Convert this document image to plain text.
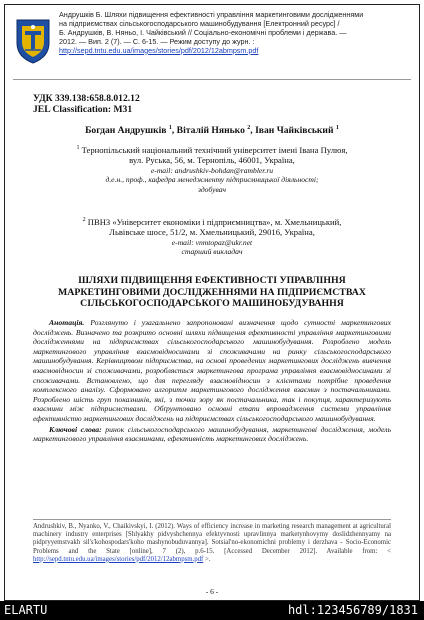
Андрушків Б. Шляхи підвищення ефективності управління маркетинговими дослідженнями
на підприємствах сільськогосподарського машинобудування [Електронний ресурс] /
Б. Андрушків, В. Няньо, І. Чайківський // Соціально-економічні проблеми і держава. —
2012. — Вип. 2 (7). — С. 6-15. — Режим доступу до журн. :
http://sepd.tntu.edu.ua/images/stories/pdf/2012/12abmpsm.pdf
УДК 339.138:658.8.012.12
JEL Classification: M31
Богдан Андрушків $^1$, Віталій Нянько $^2$, Іван Чайківський $^1$
$^1$ Тернопільський національний технічний університет імені Івана Пулюя,
вул. Руська, 56, м. Тернопіль, 46001, Україна,
e-mail: andrushkiv-bohdan@rambler.ru
д.е.н., проф., кафедра менеджменту підприємницької діяльності;
здобувач
$^2$ ПВНЗ «Університет економіки і підприємництва», м. Хмельницький,
Львівське шосе, 51/2, м. Хмельницький, 29016, Україна,
e-mail: vnmtopaz@ukr.net
старший викладач
ШЛЯХИ ПІДВИЩЕННЯ ЕФЕКТИВНОСТІ УПРАВЛІННЯ МАРКЕТИНГОВИМИ ДОСЛІДЖЕННЯМИ НА ПІДПРИЄМСТВАХ СІЛЬСЬКОГОСПОДАРСЬКОГО МАШИНОБУДУВАННЯ

Анотація. Розглянуто і узагальнено запропоновані визначення щодо сутності маркетингових досліджень. Визначено та розкрито основні шляхи підвищення ефективності управління маркетинговими дослідженнями на підприємствах сільськогосподарського машинобудування. Розроблено модель маркетингового управління взаємовідносинами зі споживачами на ринку сільськогосподарського машинобудування. Керівництвом підприємства, на основі проведених маркетингових досліджень вивчення взаємовідносин зі споживачами, розробляється маркетингова програма управління взаємовідносинами зі споживачами. Встановлено, що для перегляду взаємовідносин з клієнтами потрібне проведення комплексного аналізу. Сформовано алгоритм маркетингового дослідження взаємин з постачальниками. Розроблено шість груп показників, які, з точки зору як постачальника, так і покупця, характеризують взаємини між підприємствами. Обґрунтовано основні етапи впровадження системи управління ефективністю маркетингових досліджень на підприємствах сільськогосподарського машинобудування.

Ключові слова: ринок сільськогосподарського машинобудування, маркетингові дослідження, модель маркетингового управління взаєминами, ефективність маркетингових досліджень.

Andrushkiv, B., Nyanko, V., Chaikivskyi, I. (2012). Ways of efficiency increase in marketing research management at agricultural machinery industry enterprises [Shlyakhy pidvyshchennya efektyvnosti upravlinnya marketynhovymy doslidzhennyamy na pidpryyemstvakh sil's'kohospodars'koho mashynobuduvannya]. Sotsial'no-ekonomichni problemy i derzhava - Socio-Economic Problems and the State [online], 7 (2), p.6-15. [Accessed December 2012]. Available from: < http://sepd.tntu.edu.ua/images/stories/pdf/2012/12abmpsm.pdf >.
- 6 -
ELARTU	hdl:123456789/1831
